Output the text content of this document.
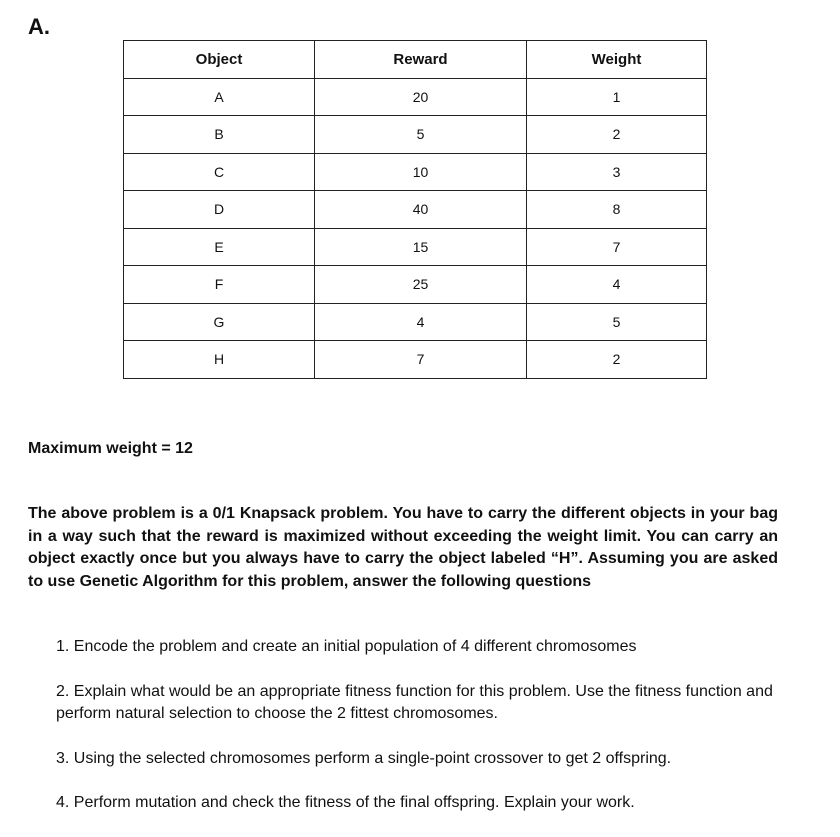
A.
Object	Reward	Weight
A	20	1
B	5	2
C	10	3
D	40	8
E	15	7
F	25	4
G	4	5
H	7	2
Maximum weight = 12

The above problem is a 0/1 Knapsack problem. You have to carry the different objects in your bag in a way such that the reward is maximized without exceeding the weight limit. You can carry an object exactly once but you always have to carry the object labeled “H”. Assuming you are asked to use Genetic Algorithm for this problem, answer the following questions

1. Encode the problem and create an initial population of 4 different chromosomes
2. Explain what would be an appropriate fitness function for this problem. Use the fitness function and perform natural selection to choose the 2 fittest chromosomes.
3. Using the selected chromosomes perform a single-point crossover to get 2 offspring.
4. Perform mutation and check the fitness of the final offspring. Explain your work.
